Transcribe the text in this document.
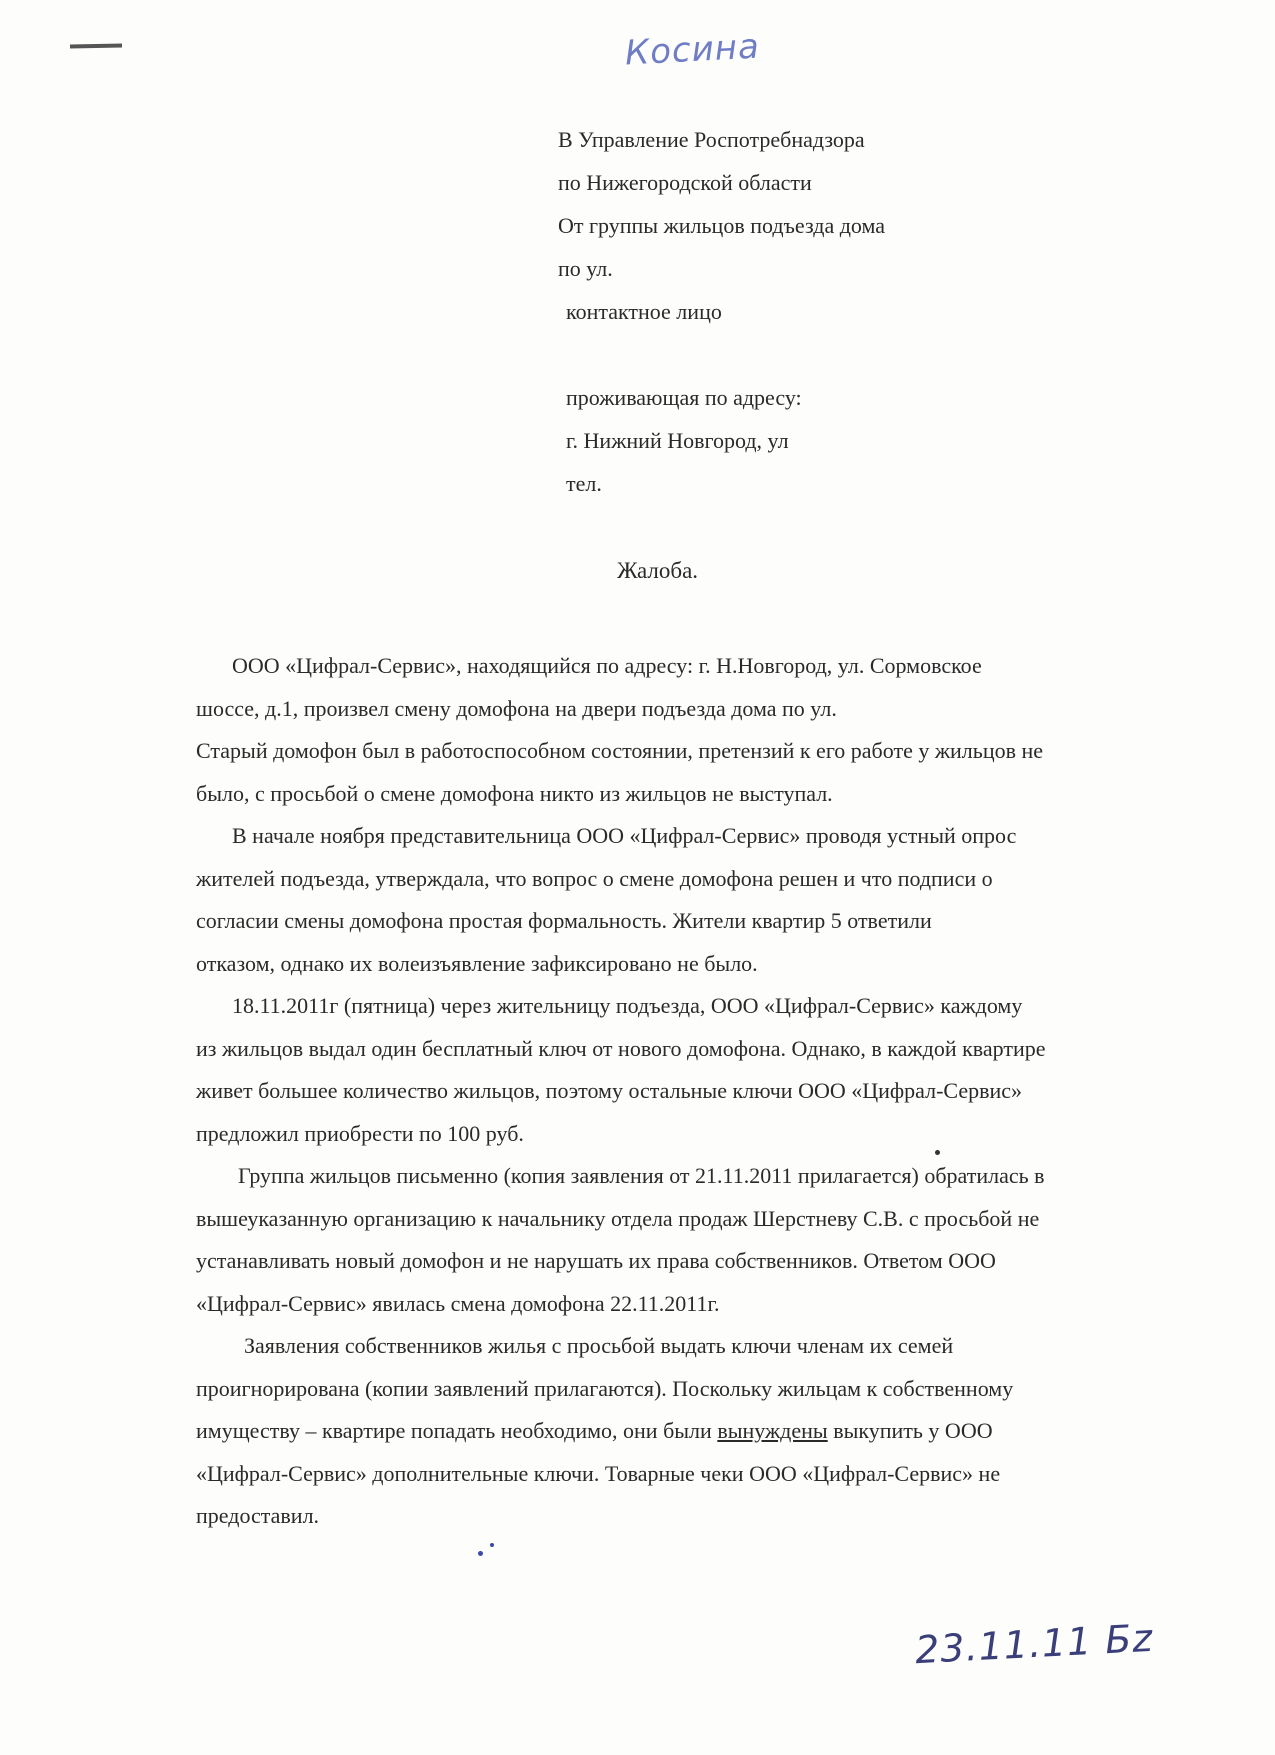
Косина
В Управление Роспотребнадзора
по Нижегородской области
От группы жильцов подъезда дома
по ул.
контактное лицо

проживающая по адресу:
г. Нижний Новгород, ул
тел.
Жалоба.
ООО «Цифрал-Сервис», находящийся по адресу: г. Н.Новгород, ул. Сормовское
шоссе, д.1, произвел смену домофона на двери подъезда дома по ул.
Старый домофон был в работоспособном состоянии, претензий к его работе у жильцов не
было, с просьбой о смене домофона никто из жильцов не выступал.
В начале ноября представительница ООО «Цифрал-Сервис» проводя устный опрос
жителей подъезда, утверждала, что вопрос о смене домофона решен и что подписи о
согласии смены домофона простая формальность. Жители квартир 5 ответили
отказом, однако их волеизъявление зафиксировано не было.
18.11.2011г (пятница) через жительницу подъезда, ООО «Цифрал-Сервис» каждому
из жильцов выдал один бесплатный ключ от нового домофона. Однако, в каждой квартире
живет большее количество жильцов, поэтому остальные ключи ООО «Цифрал-Сервис»
предложил приобрести по 100 руб.
Группа жильцов письменно (копия заявления от 21.11.2011 прилагается) обратилась в
вышеуказанную организацию к начальнику отдела продаж Шерстневу С.В. с просьбой не
устанавливать новый домофон и не нарушать их права собственников. Ответом ООО
«Цифрал-Сервис» явилась смена домофона 22.11.2011г.
Заявления собственников жилья с просьбой выдать ключи членам их семей
проигнорирована (копии заявлений прилагаются). Поскольку жильцам к собственному
имуществу – квартире попадать необходимо, они были вынуждены выкупить у ООО
«Цифрал-Сервис» дополнительные ключи. Товарные чеки ООО «Цифрал-Сервис» не
предоставил.
23.11.11 Бz
